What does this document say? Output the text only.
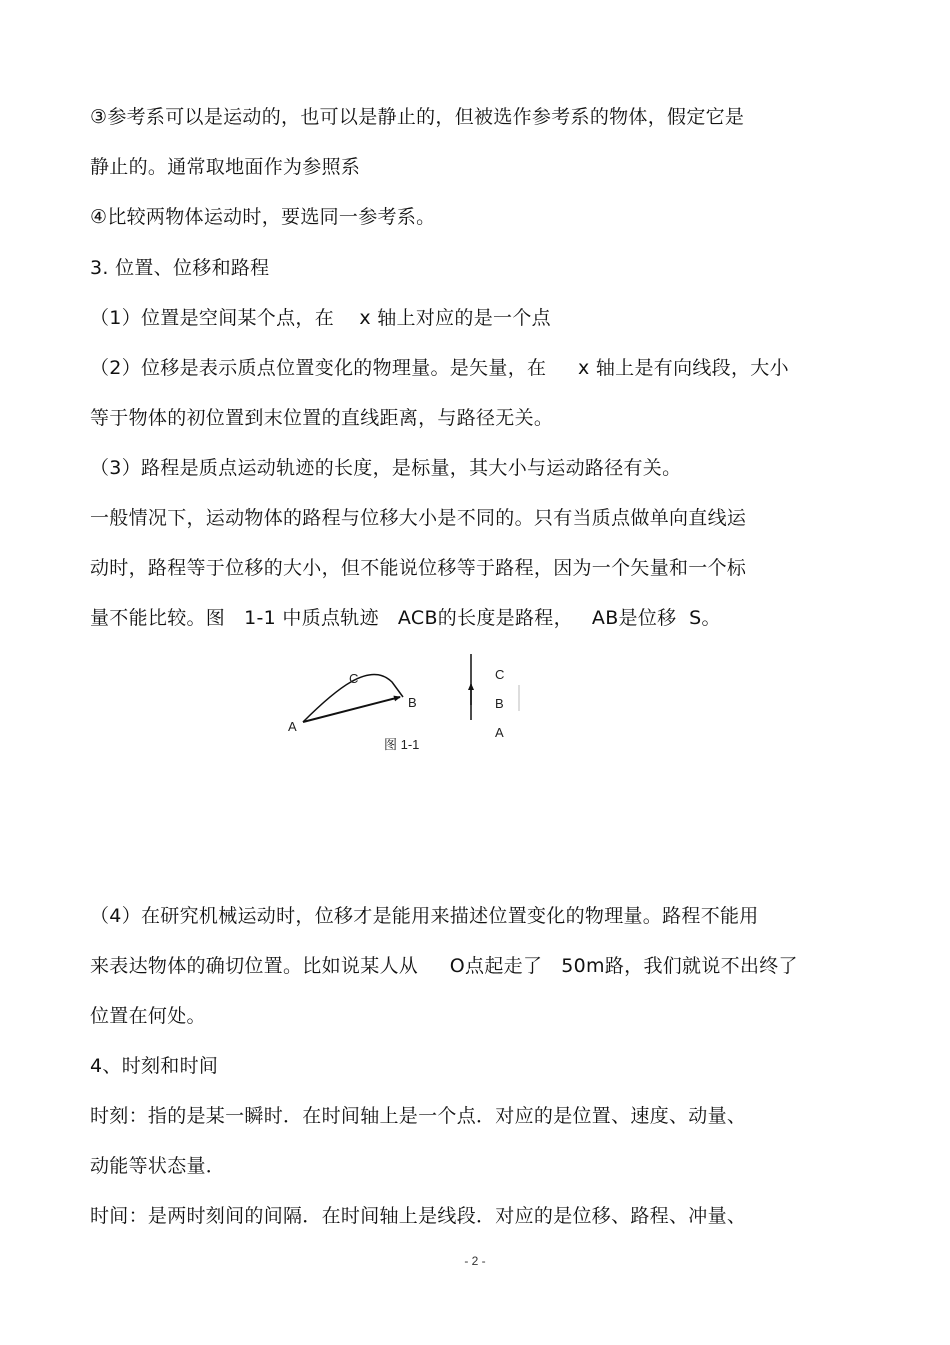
③参考系可以是运动的，也可以是静止的，但被选作参考系的物体，假定它是
静止的。通常取地面作为参照系
④比较两物体运动时，要选同一参考系。
3. 位置、位移和路程
（1）位置是空间某个点，在    x 轴上对应的是一个点
（2）位移是表示质点位置变化的物理量。是矢量，在     x 轴上是有向线段，大小
等于物体的初位置到末位置的直线距离，与路径无关。
（3）路程是质点运动轨迹的长度，是标量，其大小与运动路径有关。
一般情况下，运动物体的路程与位移大小是不同的。只有当质点做单向直线运
动时，路程等于位移的大小，但不能说位移等于路程，因为一个矢量和一个标
量不能比较。图   1-1 中质点轨迹   ACB的长度是路程，   AB是位移  S。
A
B
C	C
B
A
图 1-1
（4）在研究机械运动时，位移才是能用来描述位置变化的物理量。路程不能用
来表达物体的确切位置。比如说某人从     O点起走了   50m路，我们就说不出终了
位置在何处。
4、时刻和时间
时刻：指的是某一瞬时．在时间轴上是一个点．对应的是位置、速度、动量、
动能等状态量．
时间：是两时刻间的间隔．在时间轴上是线段．对应的是位移、路程、冲量、
- 2 -
